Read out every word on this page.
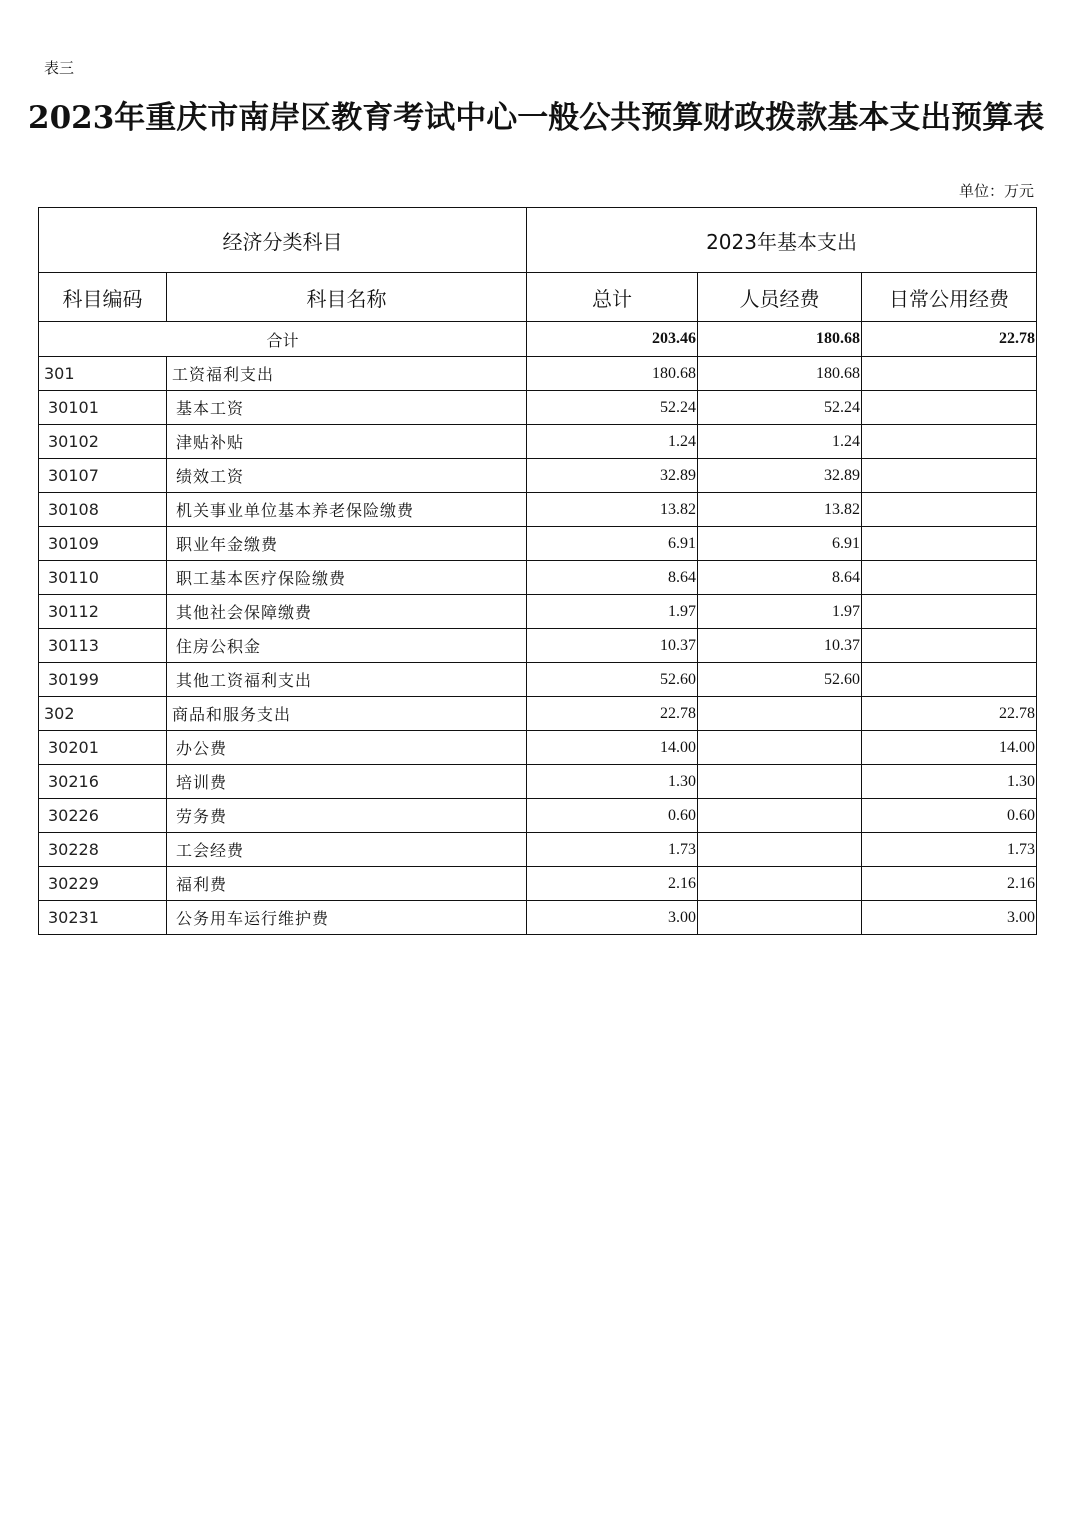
表三
2023年重庆市南岸区教育考试中心一般公共预算财政拨款基本支出预算表
单位：万元
经济分类科目		2023年基本支出		
科目编码	科目名称	总计	人员经费	日常公用经费
合计		203.46	180.68	22.78
301	工资福利支出	180.68	180.68	
30101	基本工资	52.24	52.24	
30102	津贴补贴	1.24	1.24	
30107	绩效工资	32.89	32.89	
30108	机关事业单位基本养老保险缴费	13.82	13.82	
30109	职业年金缴费	6.91	6.91	
30110	职工基本医疗保险缴费	8.64	8.64	
30112	其他社会保障缴费	1.97	1.97	
30113	住房公积金	10.37	10.37	
30199	其他工资福利支出	52.60	52.60	
302	商品和服务支出	22.78		22.78
30201	办公费	14.00		14.00
30216	培训费	1.30		1.30
30226	劳务费	0.60		0.60
30228	工会经费	1.73		1.73
30229	福利费	2.16		2.16
30231	公务用车运行维护费	3.00		3.00
